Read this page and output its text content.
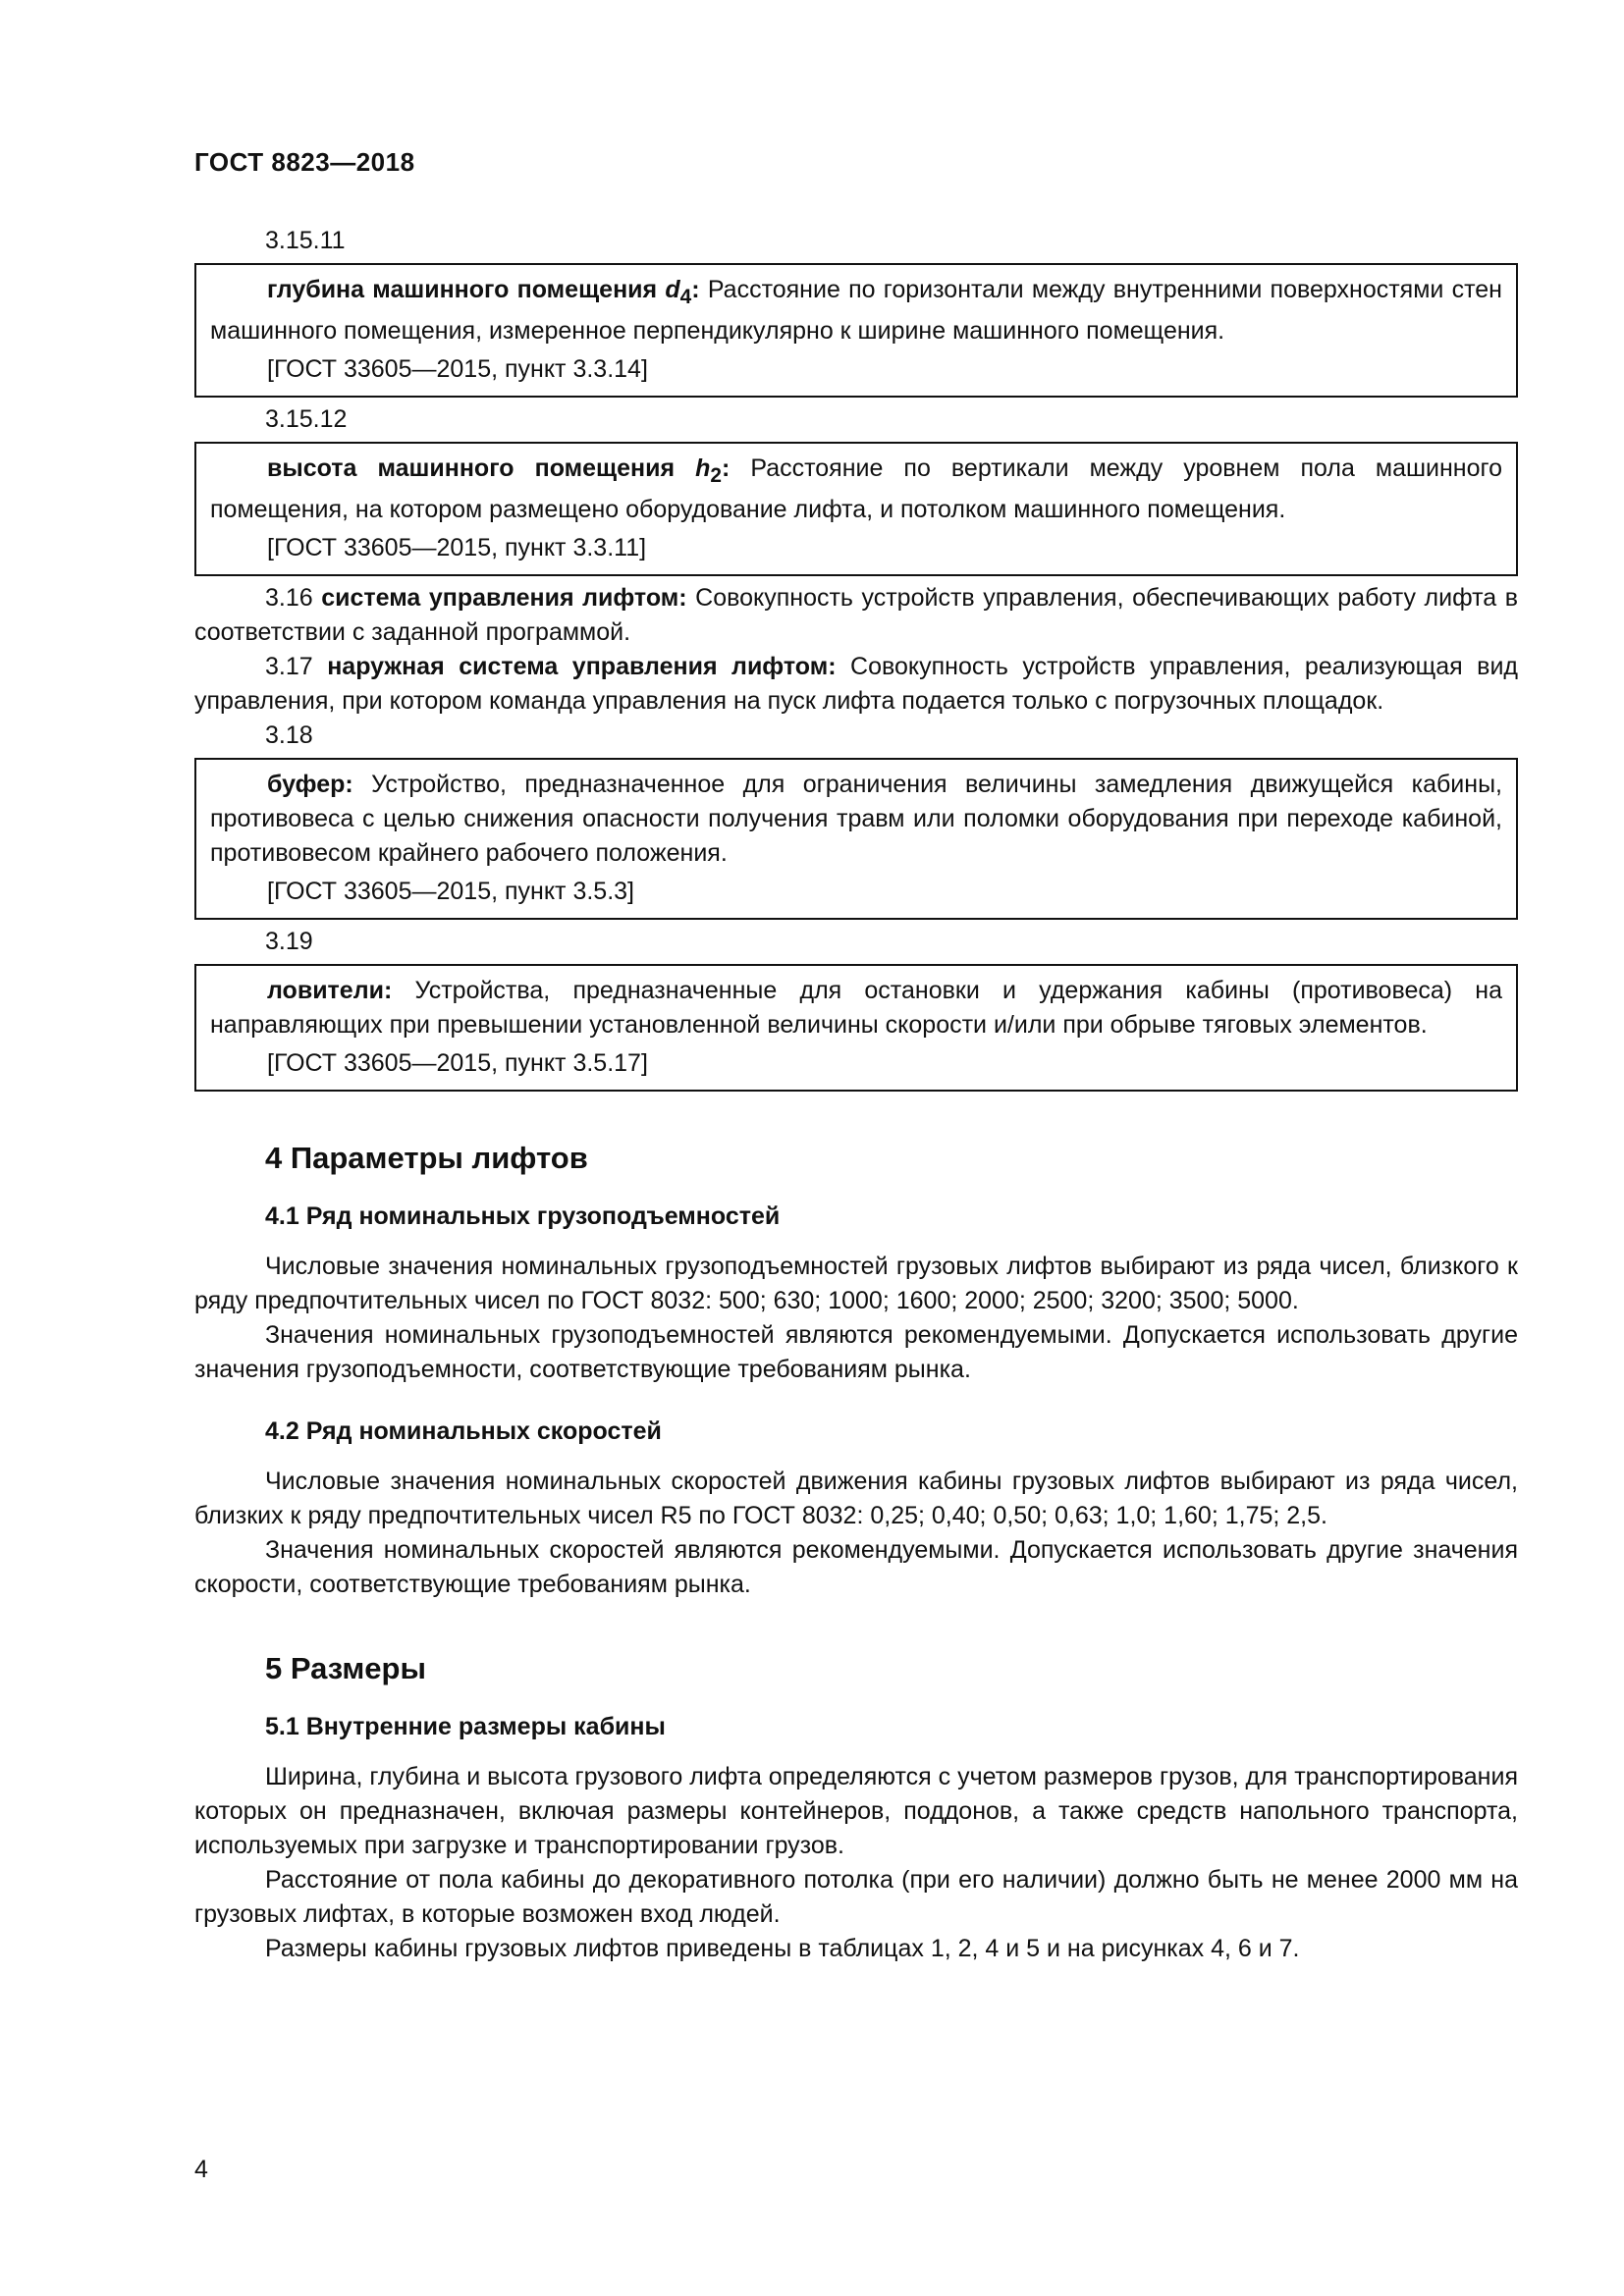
ГОСТ 8823—2018
3.15.11

глубина машинного помещения $d_4$: Расстояние по горизонтали между внутренними поверхностями стен машинного помещения, измеренное перпендикулярно к ширине машинного помещения.

[ГОСТ 33605—2015, пункт 3.3.14]
3.15.12

высота машинного помещения $h_2$: Расстояние по вертикали между уровнем пола машинного помещения, на котором размещено оборудование лифта, и потолком машинного помещения.

[ГОСТ 33605—2015, пункт 3.3.11]

3.16 система управления лифтом: Совокупность устройств управления, обеспечивающих работу лифта в соответствии с заданной программой.

3.17 наружная система управления лифтом: Совокупность устройств управления, реализующая вид управления, при котором команда управления на пуск лифта подается только с погрузочных площадок.

3.18

буфер: Устройство, предназначенное для ограничения величины замедления движущейся кабины, противовеса с целью снижения опасности получения травм или поломки оборудования при переходе кабиной, противовесом крайнего рабочего положения.

[ГОСТ 33605—2015, пункт 3.5.3]
3.19

ловители: Устройства, предназначенные для остановки и удержания кабины (противовеса) на направляющих при превышении установленной величины скорости и/или при обрыве тяговых элементов.

[ГОСТ 33605—2015, пункт 3.5.17]
4 Параметры лифтов
4.1 Ряд номинальных грузоподъемностей

Числовые значения номинальных грузоподъемностей грузовых лифтов выбирают из ряда чисел, близкого к ряду предпочтительных чисел по ГОСТ 8032: 500; 630; 1000; 1600; 2000; 2500; 3200; 3500; 5000.

Значения номинальных грузоподъемностей являются рекомендуемыми. Допускается использовать другие значения грузоподъемности, соответствующие требованиям рынка.

4.2 Ряд номинальных скоростей

Числовые значения номинальных скоростей движения кабины грузовых лифтов выбирают из ряда чисел, близких к ряду предпочтительных чисел R5 по ГОСТ 8032: 0,25; 0,40; 0,50; 0,63; 1,0; 1,60; 1,75; 2,5.

Значения номинальных скоростей являются рекомендуемыми. Допускается использовать другие значения скорости, соответствующие требованиям рынка.

5 Размеры
5.1 Внутренние размеры кабины

Ширина, глубина и высота грузового лифта определяются с учетом размеров грузов, для транспортирования которых он предназначен, включая размеры контейнеров, поддонов, а также средств напольного транспорта, используемых при загрузке и транспортировании грузов.

Расстояние от пола кабины до декоративного потолка (при его наличии) должно быть не менее 2000 мм на грузовых лифтах, в которые возможен вход людей.

Размеры кабины грузовых лифтов приведены в таблицах 1, 2, 4 и 5 и на рисунках 4, 6 и 7.

4
